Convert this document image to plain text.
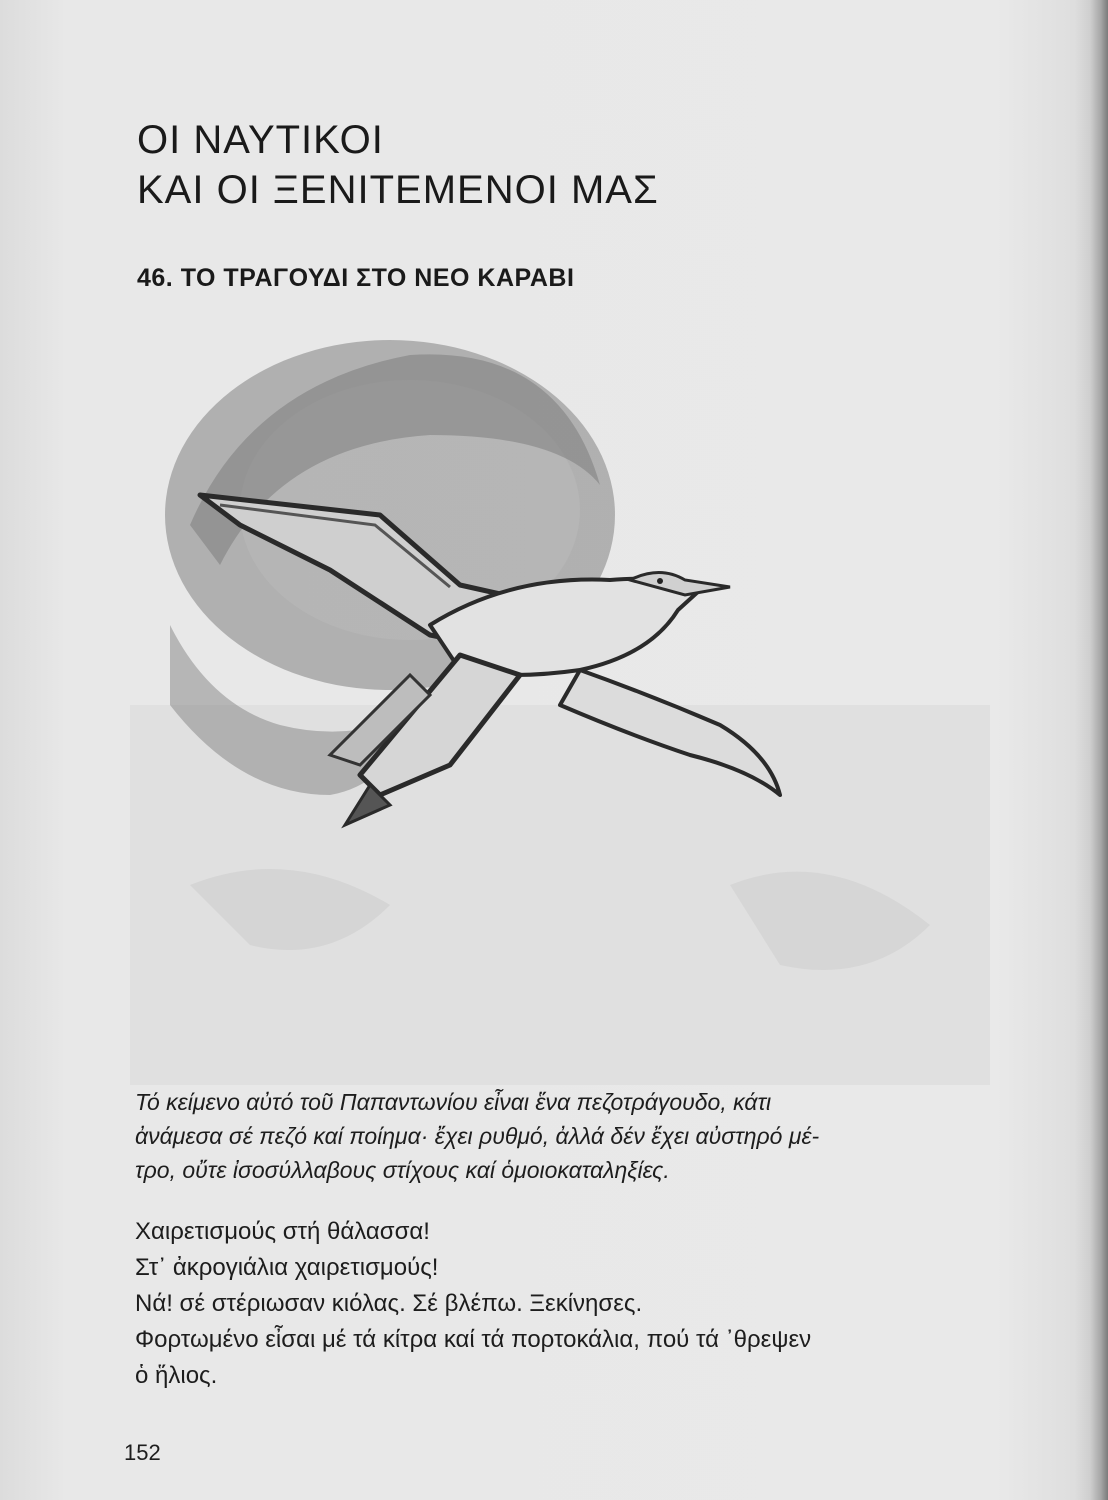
ΟΙ ΝΑΥΤΙΚΟΙ
ΚΑΙ ΟΙ ΞΕΝΙΤΕΜΕΝΟΙ ΜΑΣ
46. ΤΟ ΤΡΑΓΟΥΔΙ ΣΤΟ ΝΕΟ ΚΑΡΑΒΙ

Τό κείμενο αὐτό τοῦ Παπαντωνίου εἶναι ἕνα πεζοτράγουδο, κάτι
ἀνάμεσα σέ πεζό καί ποίημα· ἔχει ρυθμό, ἀλλά δέν ἔχει αὐστηρό μέ-
τρο, οὔτε ἰσοσύλλαβους στίχους καί ὁμοιοκαταληξίες.

Χαιρετισμούς στή θάλασσα!
Στ᾿ ἀκρογιάλια χαιρετισμούς!
Νά! σέ στέριωσαν κιόλας. Σέ βλέπω. Ξεκίνησες.
Φορτωμένο εἶσαι μέ τά κίτρα καί τά πορτοκάλια, πού τά ᾿θρεψεν
ὁ ἥλιος.
152
